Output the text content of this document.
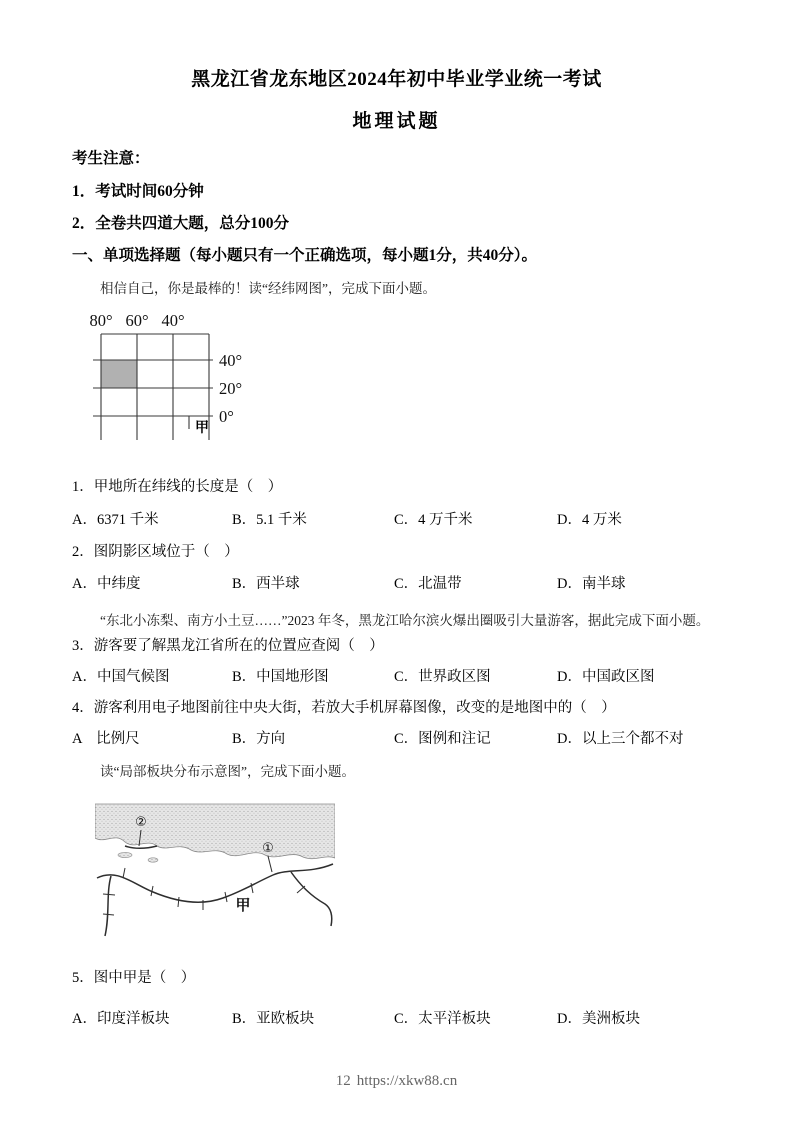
黑龙江省龙东地区2024年初中毕业学业统一考试
地理试题

考生注意：

1．考试时间60分钟

2．全卷共四道大题，总分100分

一、单项选择题（每小题只有一个正确选项，每小题1分，共40分）。

相信自己，你是最棒的！读“经纬网图”，完成下面小题。

80° 60° 40°
40°
20°
0°
甲

1．甲地所在纬线的长度是（　）

A．6371 千米	B．5.1 千米	C．4 万千米	D．4 万米

2．图阴影区域位于（　）

A．中纬度	B．西半球	C．北温带	D．南半球

“东北小冻梨、南方小土豆……”2023 年冬，黑龙江哈尔滨火爆出圈吸引大量游客，据此完成下面小题。

3．游客要了解黑龙江省所在的位置应查阅（　）

A．中国气候图	B．中国地形图	C．世界政区图	D．中国政区图

4．游客利用电子地图前往中央大街，若放大手机屏幕图像，改变的是地图中的（　）

A　比例尺	B．方向	C．图例和注记	D．以上三个都不对

读“局部板块分布示意图”，完成下面小题。

②
①
甲

5．图中甲是（　）

A．印度洋板块	B．亚欧板块	C．太平洋板块	D．美洲板块
12 https://xkw88.cn
